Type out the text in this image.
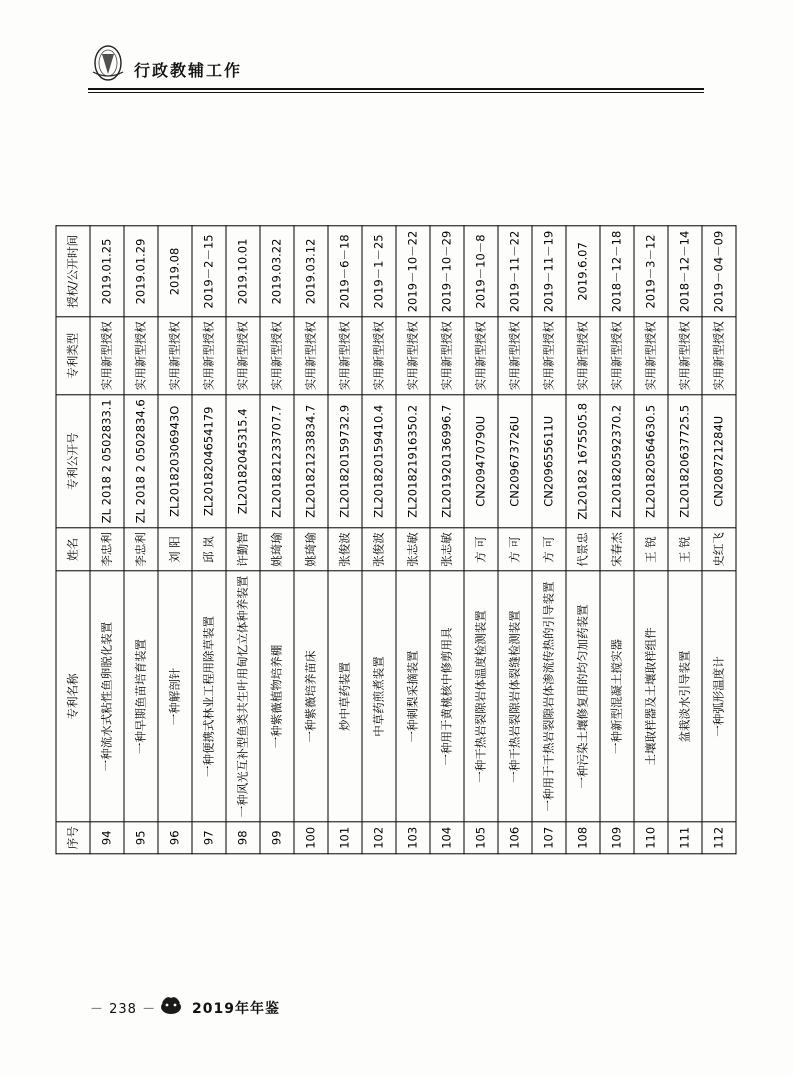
行政教辅工作
序号	专利名称	姓名	专利公开号	专利类型	授权/公开时间
94	一种流水式粘性鱼卵脱化装置	李忠利	ZL 2018 2 0502833.1	实用新型授权	2019.01.25
95	一种早期鱼苗培育装置	李忠利	ZL 2018 2 0502834.6	实用新型授权	2019.01.29
96	一种解剖针	刘 阳	ZL201820306943O	实用新型授权	2019.08
97	一种便携式林业工程用除草装置	邱 岚	ZL2018204654179	实用新型授权	2019－2－15
98	一种风光互补型鱼类共生叶用甸忆立体种养装置	许勤智	ZL20182045315.4	实用新型授权	2019.10.01
99	一种紫薇植物培养棚	姚琦瑜	ZL201821233707.7	实用新型授权	2019.03.22
100	一种紫薇培养苗床	姚琦瑜	ZL201821233834.7	实用新型授权	2019.03.12
101	炒中草药装置	张俊波	ZL201820159732.9	实用新型授权	2019－6－18
102	中草药煎煮装置	张俊波	ZL201820159410.4	实用新型授权	2019－1－25
103	一种刺梨采摘装置	张志敏	ZL201821916350.2	实用新型授权	2019－10－22
104	一种用于黄桃核中修剪用具	张志敏	ZL201920136996.7	实用新型授权	2019－10－29
105	一种干热岩裂隙岩体温度检测装置	方 可	CN209470790U	实用新型授权	2019－10－8
106	一种干热岩裂隙岩体裂缝检测装置	方 可	CN209673726U	实用新型授权	2019－11－22
107	一种用于干热岩裂隙岩体渗流传热的引导装置	方 可	CN209655611U	实用新型授权	2019－11－19
108	一种污染土壤修复用的均匀加药装置	代景忠	ZL20182 1675505.8	实用新型授权	2019.6.07
109	一种新型混凝土搅实器	宋春杰	ZL201820592370.2	实用新型授权	2018－12－18
110	土壤取样器及土壤取样组件	王 锐	ZL201820564630.5	实用新型授权	2019－3－12
111	盆栽淡水引导装置	王 锐	ZL201820637725.5	实用新型授权	2018－12－14
112	一种弧形温度计	史红飞	CN208721284U	实用新型授权	2019－04－09
－ 238 －	2019年年鉴
